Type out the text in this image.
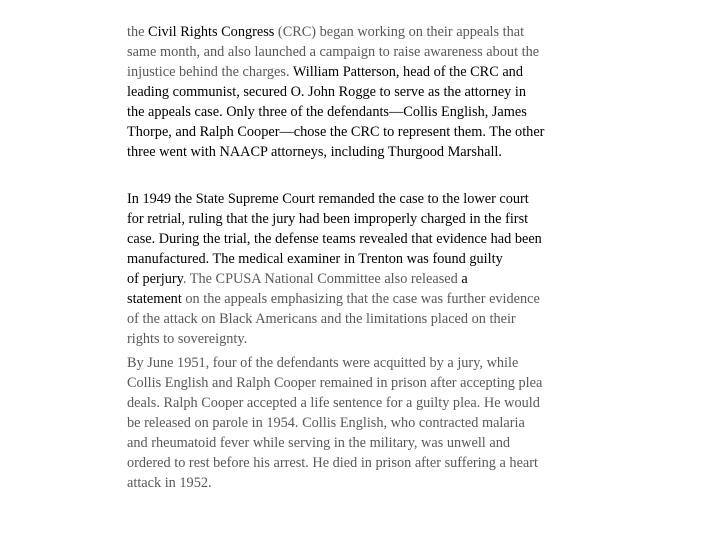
the Civil Rights Congress (CRC) began working on their appeals that
same month, and also launched a campaign to raise awareness about the
injustice behind the charges. William Patterson, head of the CRC and
leading communist, secured O. John Rogge to serve as the attorney in
the appeals case. Only three of the defendants—Collis English, James
Thorpe, and Ralph Cooper—chose the CRC to represent them. The other
three went with NAACP attorneys, including Thurgood Marshall.

In 1949 the State Supreme Court remanded the case to the lower court
for retrial, ruling that the jury had been improperly charged in the first
case. During the trial, the defense teams revealed that evidence had been
manufactured. The medical examiner in Trenton was found guilty
of perjury. The CPUSA National Committee also released a
statement on the appeals emphasizing that the case was further evidence
of the attack on Black Americans and the limitations placed on their
rights to sovereignty.

By June 1951, four of the defendants were acquitted by a jury, while
Collis English and Ralph Cooper remained in prison after accepting plea
deals. Ralph Cooper accepted a life sentence for a guilty plea. He would
be released on parole in 1954. Collis English, who contracted malaria
and rheumatoid fever while serving in the military, was unwell and
ordered to rest before his arrest. He died in prison after suffering a heart
attack in 1952.
